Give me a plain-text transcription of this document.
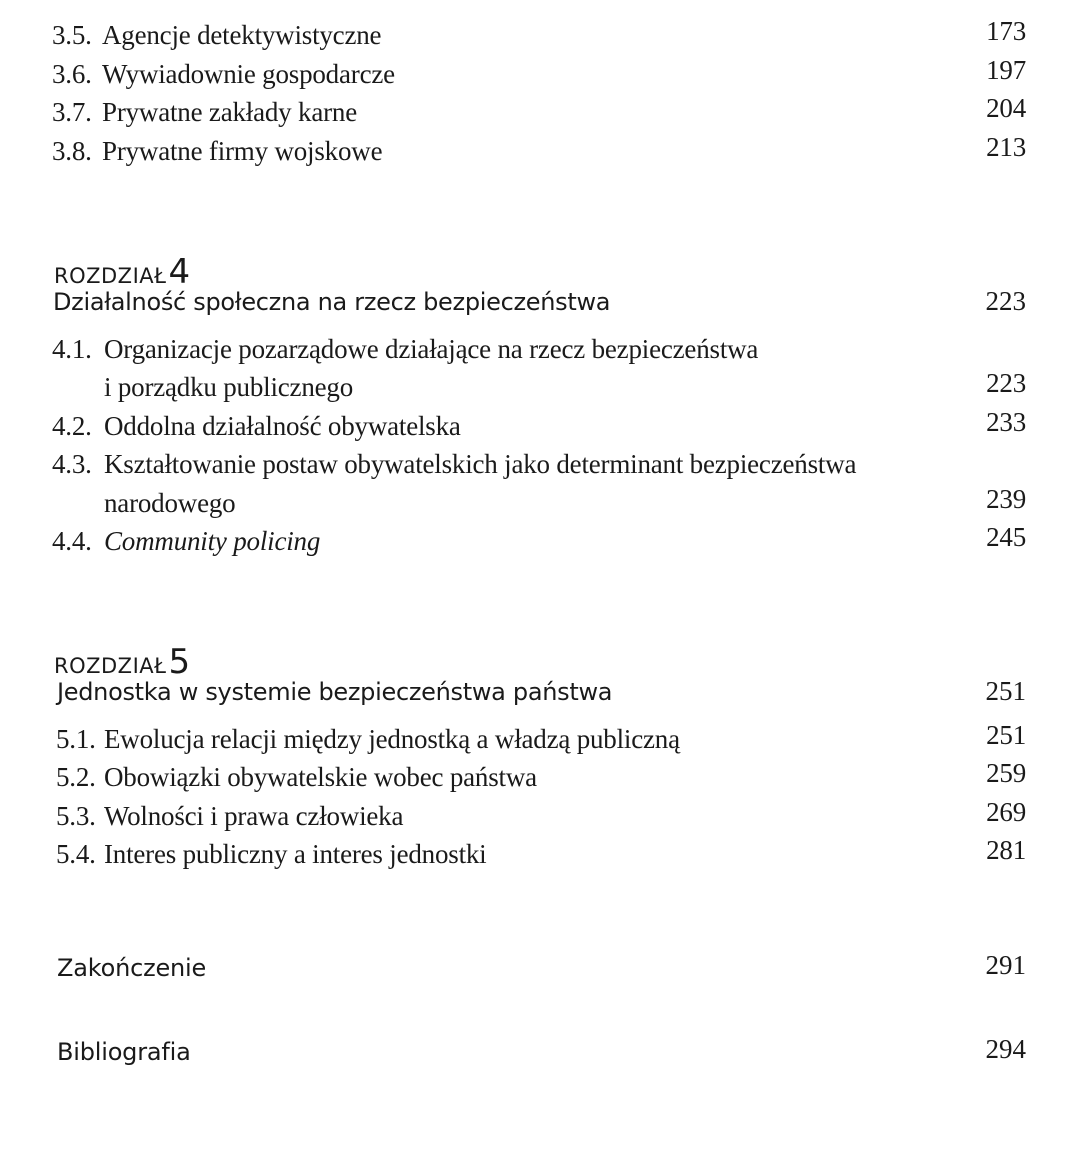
3.5. Agencje detektywistyczne	173
3.6. Wywiadownie gospodarcze	197
3.7. Prywatne zakłady karne	204
3.8. Prywatne firmy wojskowe	213
ROZDZIAŁ4
Działalność społeczna na rzecz bezpieczeństwa	223
4.1. Organizacje pozarządowe działające na rzecz bezpieczeństwa
i porządku publicznego	223
4.2. Oddolna działalność obywatelska	233
4.3. Kształtowanie postaw obywatelskich jako determinant bezpieczeństwa
narodowego	239
4.4. Community policing	245
ROZDZIAŁ5
Jednostka w systemie bezpieczeństwa państwa	251
5.1. Ewolucja relacji między jednostką a władzą publiczną	251
5.2. Obowiązki obywatelskie wobec państwa	259
5.3. Wolności i prawa człowieka	269
5.4. Interes publiczny a interes jednostki	281
Zakończenie	291
Bibliografia	294
